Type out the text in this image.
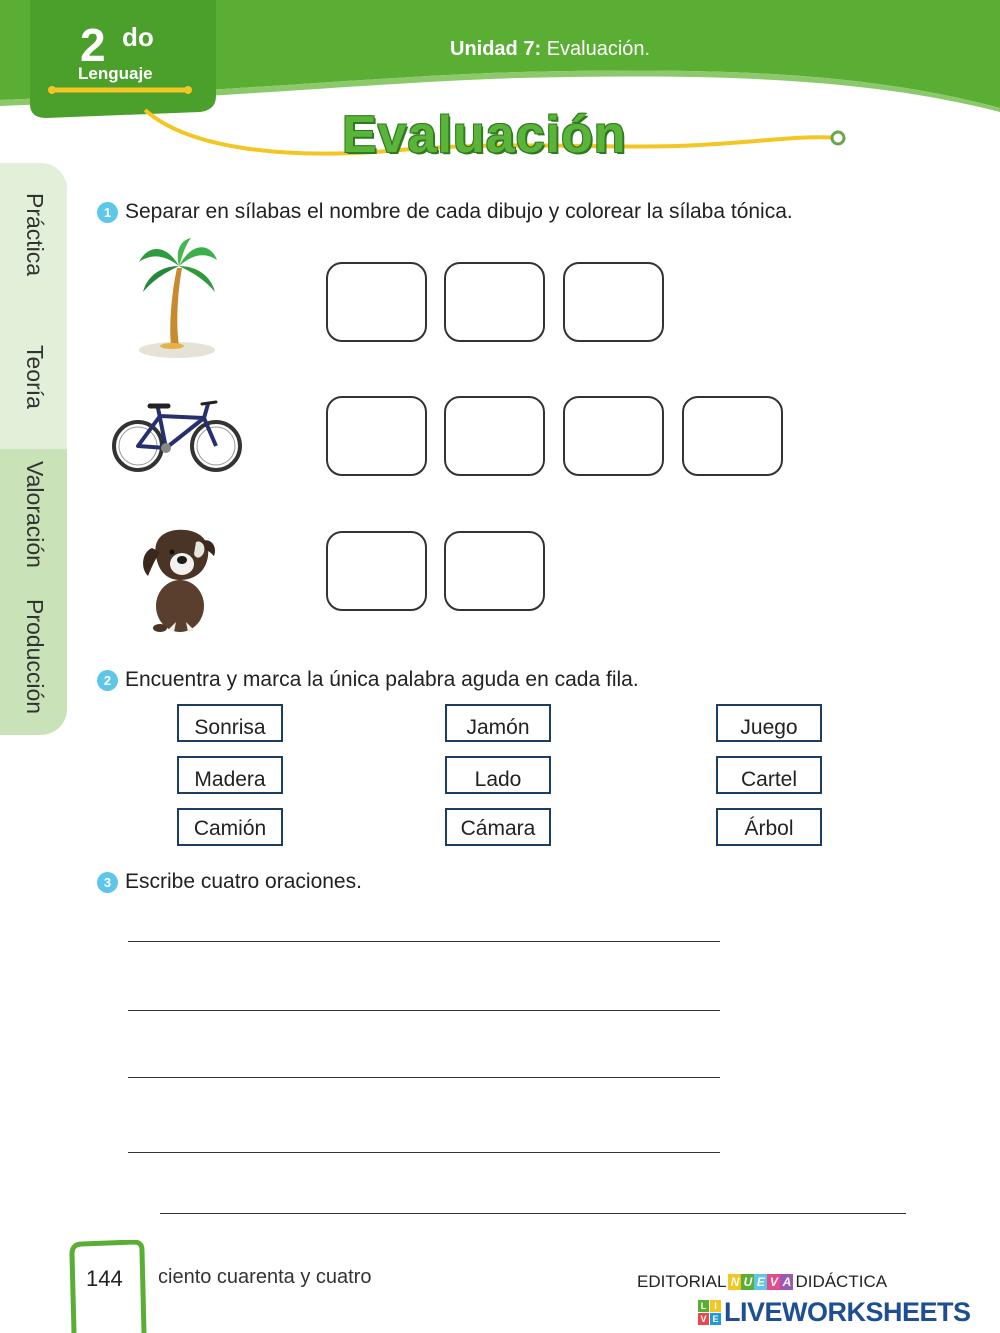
2 do
Lenguaje
Unidad 7: Evaluación.
Evaluación
Práctica
Teoría
Valoración
Producción
1 Separar en sílabas el nombre de cada dibujo y colorear la sílaba tónica.
2 Encuentra y marca la única palabra aguda en cada fila.
Sonrisa	Jamón	Juego
Madera	Lado	Cartel
Camión	Cámara	Árbol
3 Escribe cuatro oraciones.
144 ciento cuarenta y cuatro	EDITORIAL N U E V A DIDÁCTICA
L I
V E LIVEWORKSHEETS
